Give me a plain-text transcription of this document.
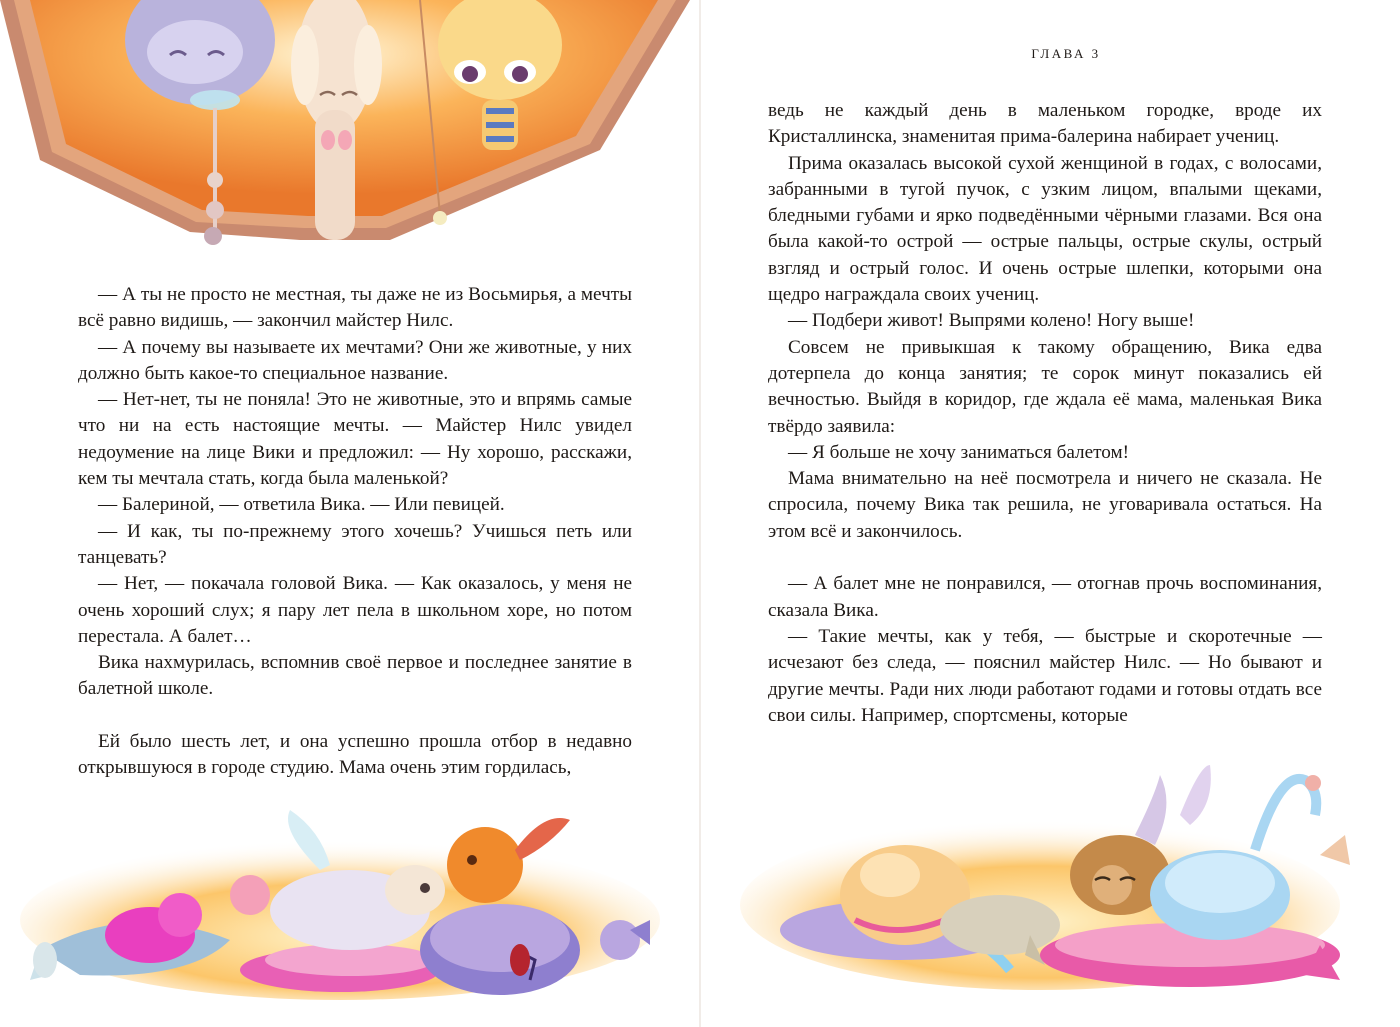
— А ты не просто не местная, ты даже не из Восьмирья, а мечты всё равно видишь, — закончил майстер Нилс.

— А почему вы называете их мечтами? Они же животные, у них должно быть какое-то специальное название.

— Нет-нет, ты не поняла! Это не животные, это и впрямь самые что ни на есть настоящие мечты. — Майстер Нилс увидел недоумение на лице Вики и предложил: — Ну хорошо, расскажи, кем ты мечтала стать, когда была маленькой?

— Балериной, — ответила Вика. — Или певицей.

— И как, ты по-прежнему этого хочешь? Учишься петь или танцевать?

— Нет, — покачала головой Вика. — Как оказалось, у меня не очень хороший слух; я пару лет пела в школьном хоре, но потом перестала. А балет…

Вика нахмурилась, вспомнив своё первое и последнее занятие в балетной школе.

Ей было шесть лет, и она успешно прошла отбор в недавно открывшуюся в городе студию. Мама очень этим гордилась,

ГЛАВА 3

ведь не каждый день в маленьком городке, вроде их Кристаллинска, знаменитая прима-балерина набирает учениц.

Прима оказалась высокой сухой женщиной в годах, с волосами, забранными в тугой пучок, с узким лицом, впалыми щеками, бледными губами и ярко подведёнными чёрными глазами. Вся она была какой-то острой — острые пальцы, острые скулы, острый взгляд и острый голос. И очень острые шлепки, которыми она щедро награждала своих учениц.

— Подбери живот! Выпрями колено! Ногу выше!

Совсем не привыкшая к такому обращению, Вика едва дотерпела до конца занятия; те сорок минут показались ей вечностью. Выйдя в коридор, где ждала её мама, маленькая Вика твёрдо заявила:

— Я больше не хочу заниматься балетом!

Мама внимательно на неё посмотрела и ничего не сказала. Не спросила, почему Вика так решила, не уговаривала остаться. На этом всё и закончилось.

— А балет мне не понравился, — отогнав прочь воспоминания, сказала Вика.

— Такие мечты, как у тебя, — быстрые и скоротечные — исчезают без следа, — пояснил майстер Нилс. — Но бывают и другие мечты. Ради них люди работают годами и готовы отдать все свои силы. Например, спортсмены, которые
